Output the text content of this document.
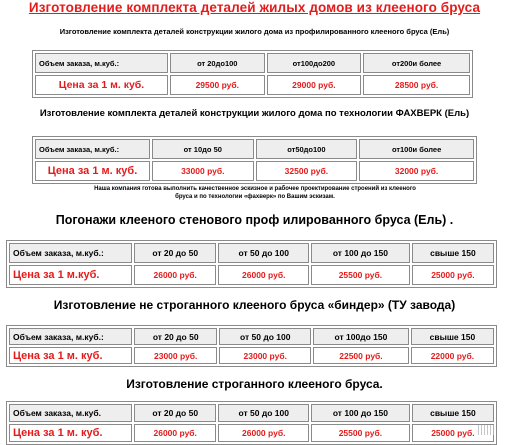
Изготовление комплекта деталей жилых домов из клееного бруса
Изготовление комплекта деталей конструкции жилого дома из профилированного клееного бруса (Ель)
Объем заказа, м.куб.:	от 20до100	от100до200	от200и более
Цена за 1 м. куб.	29500 руб.	29000 руб.	28500 руб.
Изготовление комплекта деталей конструкции жилого дома по технологии ФАХВЕРК (Ель)
Объем заказа, м.куб.:	от 10до 50	от50до100	от100и более
Цена за 1 м. куб.	33000 руб.	32500 руб.	32000 руб.
Наша компания готова выполнить качественное эскизное и рабочее проектирование строений из клееного
бруса и по технологии «фахверк» по Вашим эскизам.
Погонажи клееного стенового проф илированного бруса (Ель) .
Объем заказа, м.куб.:	от 20 до 50	от 50 до 100	от 100 до 150	свыше 150
Цена за 1 м.куб.	26000 руб.	26000 руб.	25500 руб.	25000 руб.
Изготовление не строганного клееного бруса «биндер» (ТУ завода)
Объем заказа, м.куб.:	от 20 до 50	от 50 до 100	от 100до 150	свыше 150
Цена за 1 м. куб.	23000 руб.	23000 руб.	22500 руб.	22000 руб.
Изготовление строганного клееного бруса.
Объем заказа, м.куб.	от 20 до 50	от 50 до 100	от 100 до 150	свыше 150
Цена за 1 м. куб.	26000 руб.	26000 руб.	25500 руб.	25000 руб.
